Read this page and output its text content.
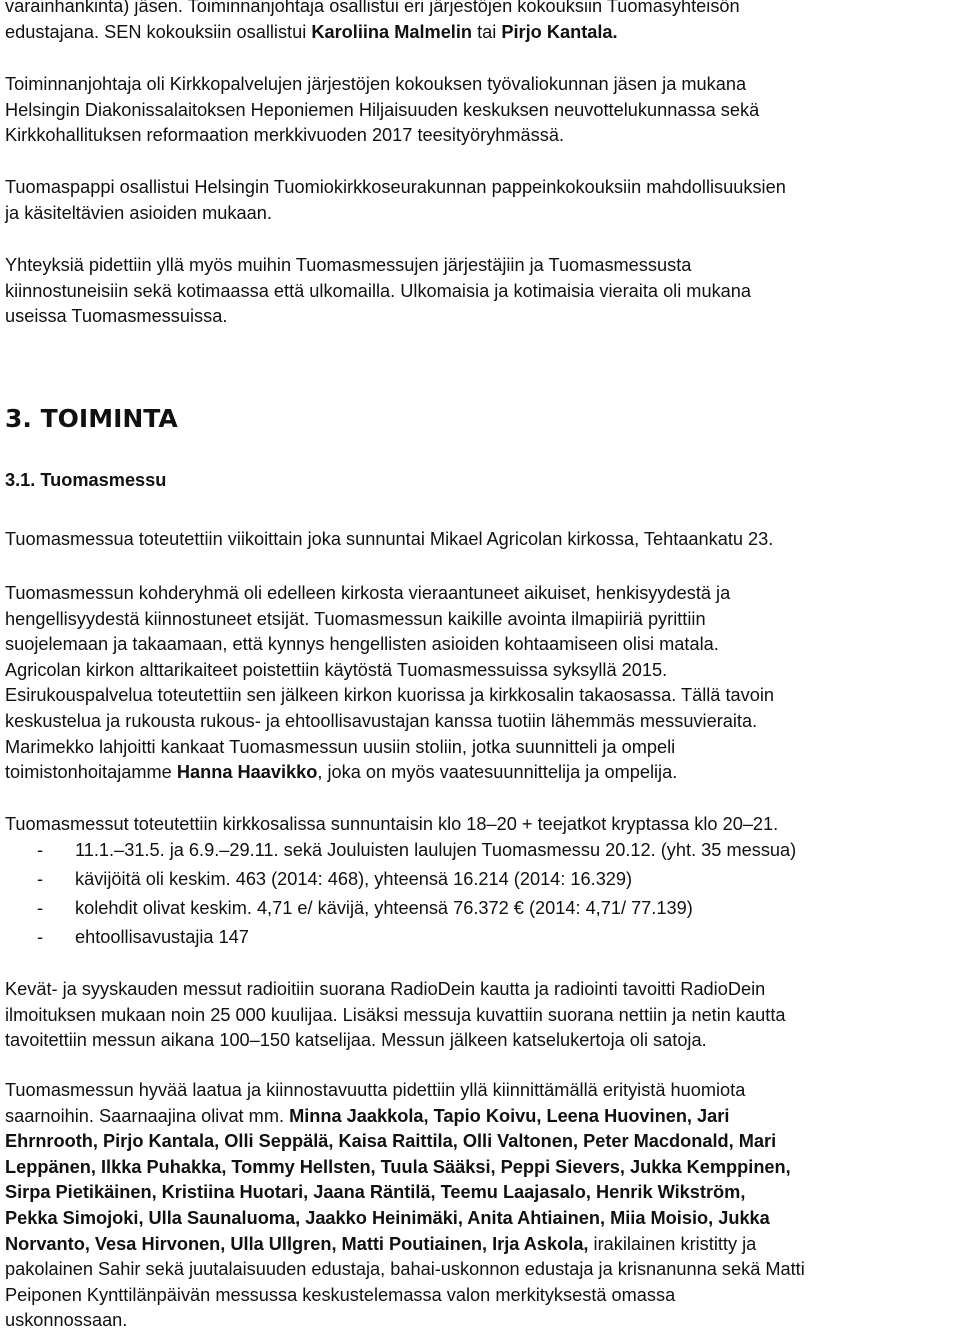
varainhankinta) jäsen. Toiminnanjohtaja osallistui eri järjestöjen kokouksiin Tuomasyhteisön
edustajana. SEN kokouksiin osallistui Karoliina Malmelin tai Pirjo Kantala.

Toiminnanjohtaja oli Kirkkopalvelujen järjestöjen kokouksen työvaliokunnan jäsen ja mukana
Helsingin Diakonissalaitoksen Heponiemen Hiljaisuuden keskuksen neuvottelukunnassa sekä
Kirkkohallituksen reformaation merkkivuoden 2017 teesityöryhmässä.

Tuomaspappi osallistui Helsingin Tuomiokirkkoseurakunnan pappeinkokouksiin mahdollisuuksien
ja käsiteltävien asioiden mukaan.

Yhteyksiä pidettiin yllä myös muihin Tuomasmessujen järjestäjiin ja Tuomasmessusta
kiinnostuneisiin sekä kotimaassa että ulkomailla. Ulkomaisia ja kotimaisia vieraita oli mukana
useissa Tuomasmessuissa.

3. TOIMINTA
3.1. Tuomasmessu

Tuomasmessua toteutettiin viikoittain joka sunnuntai Mikael Agricolan kirkossa, Tehtaankatu 23.

Tuomasmessun kohderyhmä oli edelleen kirkosta vieraantuneet aikuiset, henkisyydestä ja
hengellisyydestä kiinnostuneet etsijät. Tuomasmessun kaikille avointa ilmapiiriä pyrittiin
suojelemaan ja takaamaan, että kynnys hengellisten asioiden kohtaamiseen olisi matala.
Agricolan kirkon alttarikaiteet poistettiin käytöstä Tuomasmessuissa syksyllä 2015.
Esirukouspalvelua toteutettiin sen jälkeen kirkon kuorissa ja kirkkosalin takaosassa. Tällä tavoin
keskustelua ja rukousta rukous- ja ehtoollisavustajan kanssa tuotiin lähemmäs messuvieraita.
Marimekko lahjoitti kankaat Tuomasmessun uusiin stoliin, jotka suunnitteli ja ompeli
toimistonhoitajamme Hanna Haavikko, joka on myös vaatesuunnittelija ja ompelija.

Tuomasmessut toteutettiin kirkkosalissa sunnuntaisin klo 18–20 + teejatkot kryptassa klo 20–21.

- 11.1.–31.5. ja 6.9.–29.11. sekä Jouluisten laulujen Tuomasmessu 20.12. (yht. 35 messua)
- kävijöitä oli keskim. 463 (2014: 468), yhteensä 16.214 (2014: 16.329)
- kolehdit olivat keskim. 4,71 e/ kävijä, yhteensä 76.372 € (2014: 4,71/ 77.139)
- ehtoollisavustajia 147

Kevät- ja syyskauden messut radioitiin suorana RadioDein kautta ja radiointi tavoitti RadioDein
ilmoituksen mukaan noin 25 000 kuulijaa. Lisäksi messuja kuvattiin suorana nettiin ja netin kautta
tavoitettiin messun aikana 100–150 katselijaa. Messun jälkeen katselukertoja oli satoja.

Tuomasmessun hyvää laatua ja kiinnostavuutta pidettiin yllä kiinnittämällä erityistä huomiota
saarnoihin. Saarnaajina olivat mm. Minna Jaakkola, Tapio Koivu, Leena Huovinen, Jari
Ehrnrooth, Pirjo Kantala, Olli Seppälä, Kaisa Raittila, Olli Valtonen, Peter Macdonald, Mari
Leppänen, Ilkka Puhakka, Tommy Hellsten, Tuula Sääksi, Peppi Sievers, Jukka Kemppinen,
Sirpa Pietikäinen, Kristiina Huotari, Jaana Räntilä, Teemu Laajasalo, Henrik Wikström,
Pekka Simojoki, Ulla Saunaluoma, Jaakko Heinimäki, Anita Ahtiainen, Miia Moisio, Jukka
Norvanto, Vesa Hirvonen, Ulla Ullgren, Matti Poutiainen, Irja Askola, irakilainen kristitty ja
pakolainen Sahir sekä juutalaisuuden edustaja, bahai-uskonnon edustaja ja krisnanunna sekä Matti
Peiponen Kynttilänpäivän messussa keskustelemassa valon merkityksestä omassa
uskonnossaan.
